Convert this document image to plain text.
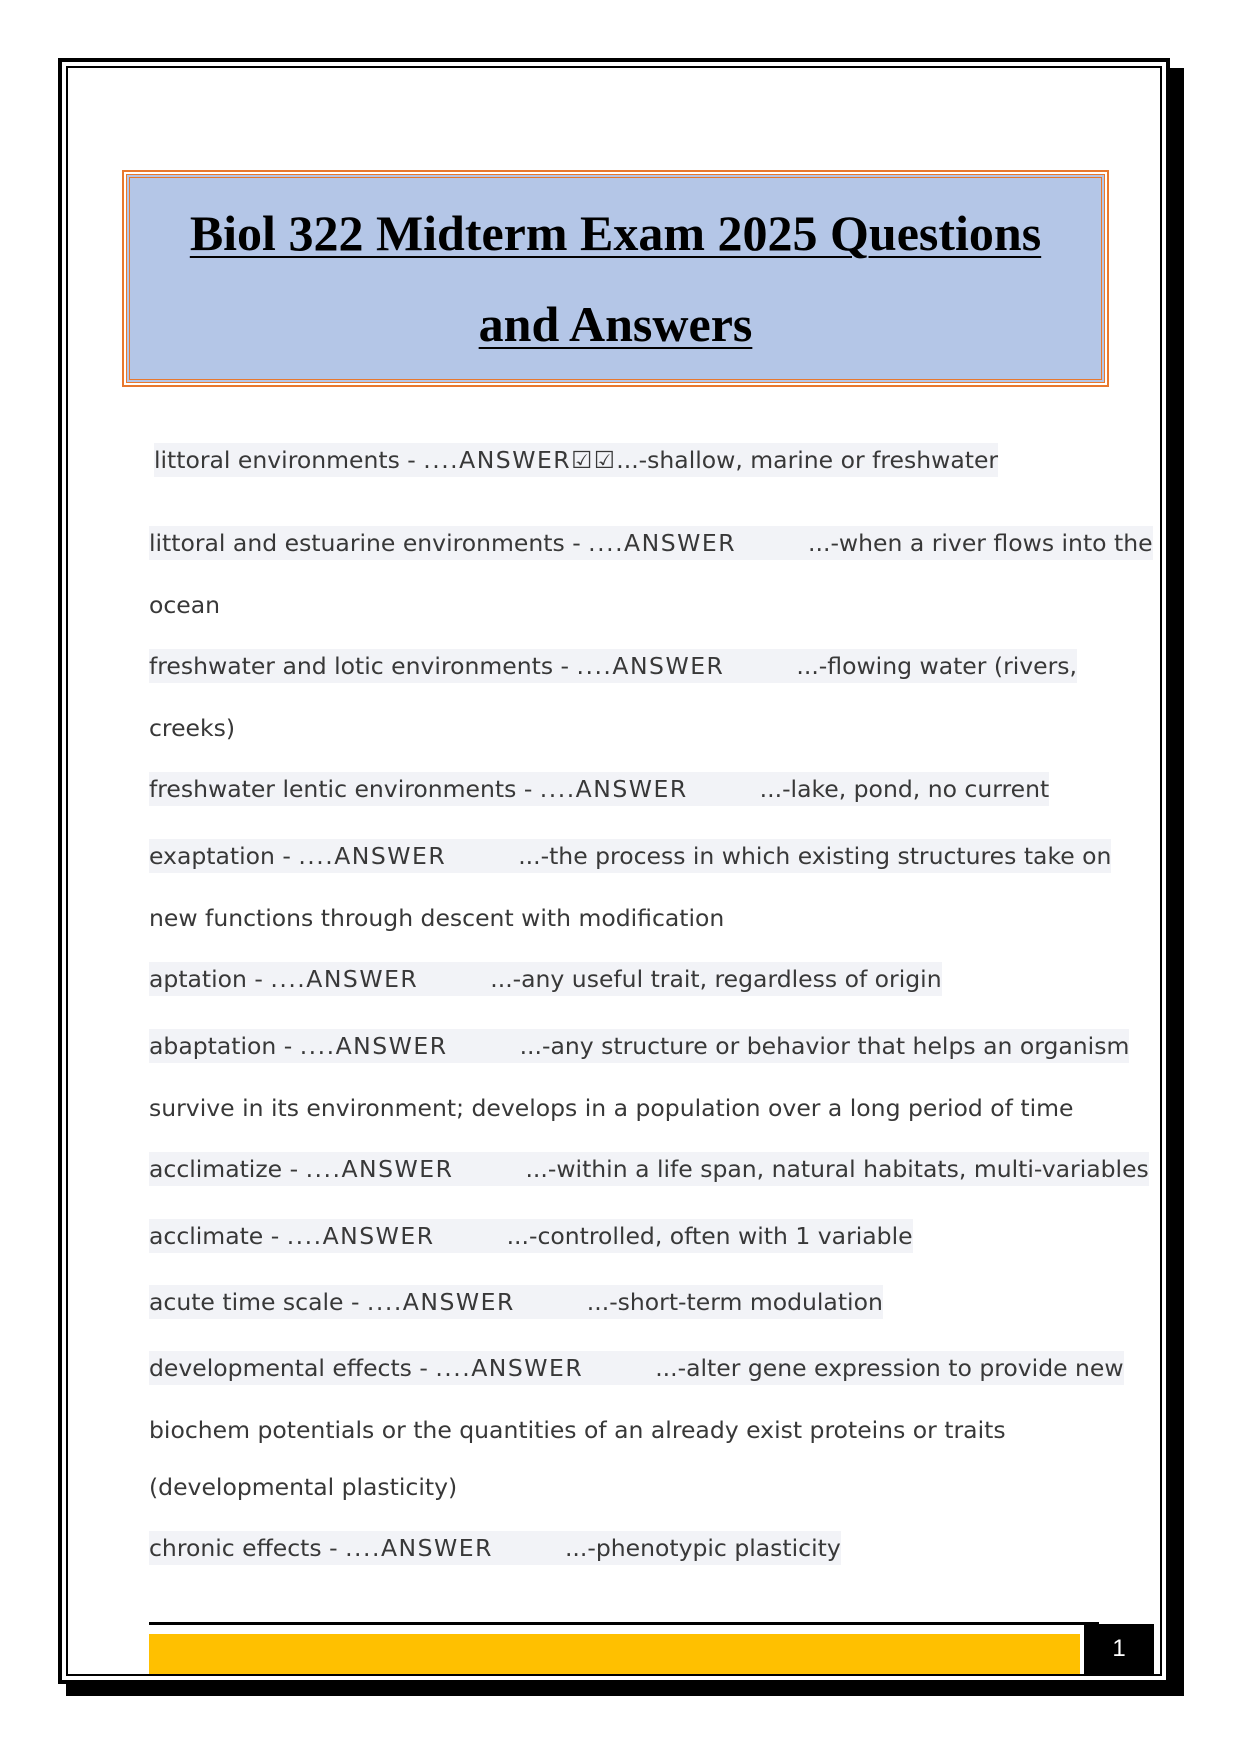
Biol 322 Midterm Exam 2025 Questions and Answers
littoral environments - ....ANSWER☑☑...-shallow, marine or freshwater
littoral and estuarine environments - ....ANSWER	...-when a river flows into the
ocean
freshwater and lotic environments - ....ANSWER	...-flowing water (rivers,
creeks)
freshwater lentic environments - ....ANSWER	...-lake, pond, no current
exaptation - ....ANSWER	...-the process in which existing structures take on
new functions through descent with modification
aptation - ....ANSWER	...-any useful trait, regardless of origin
abaptation - ....ANSWER	...-any structure or behavior that helps an organism
survive in its environment; develops in a population over a long period of time
acclimatize - ....ANSWER	...-within a life span, natural habitats, multi-variables
acclimate - ....ANSWER	...-controlled, often with 1 variable
acute time scale - ....ANSWER	...-short-term modulation
developmental effects - ....ANSWER	...-alter gene expression to provide new
biochem potentials or the quantities of an already exist proteins or traits
(developmental plasticity)
chronic effects - ....ANSWER	...-phenotypic plasticity
1
